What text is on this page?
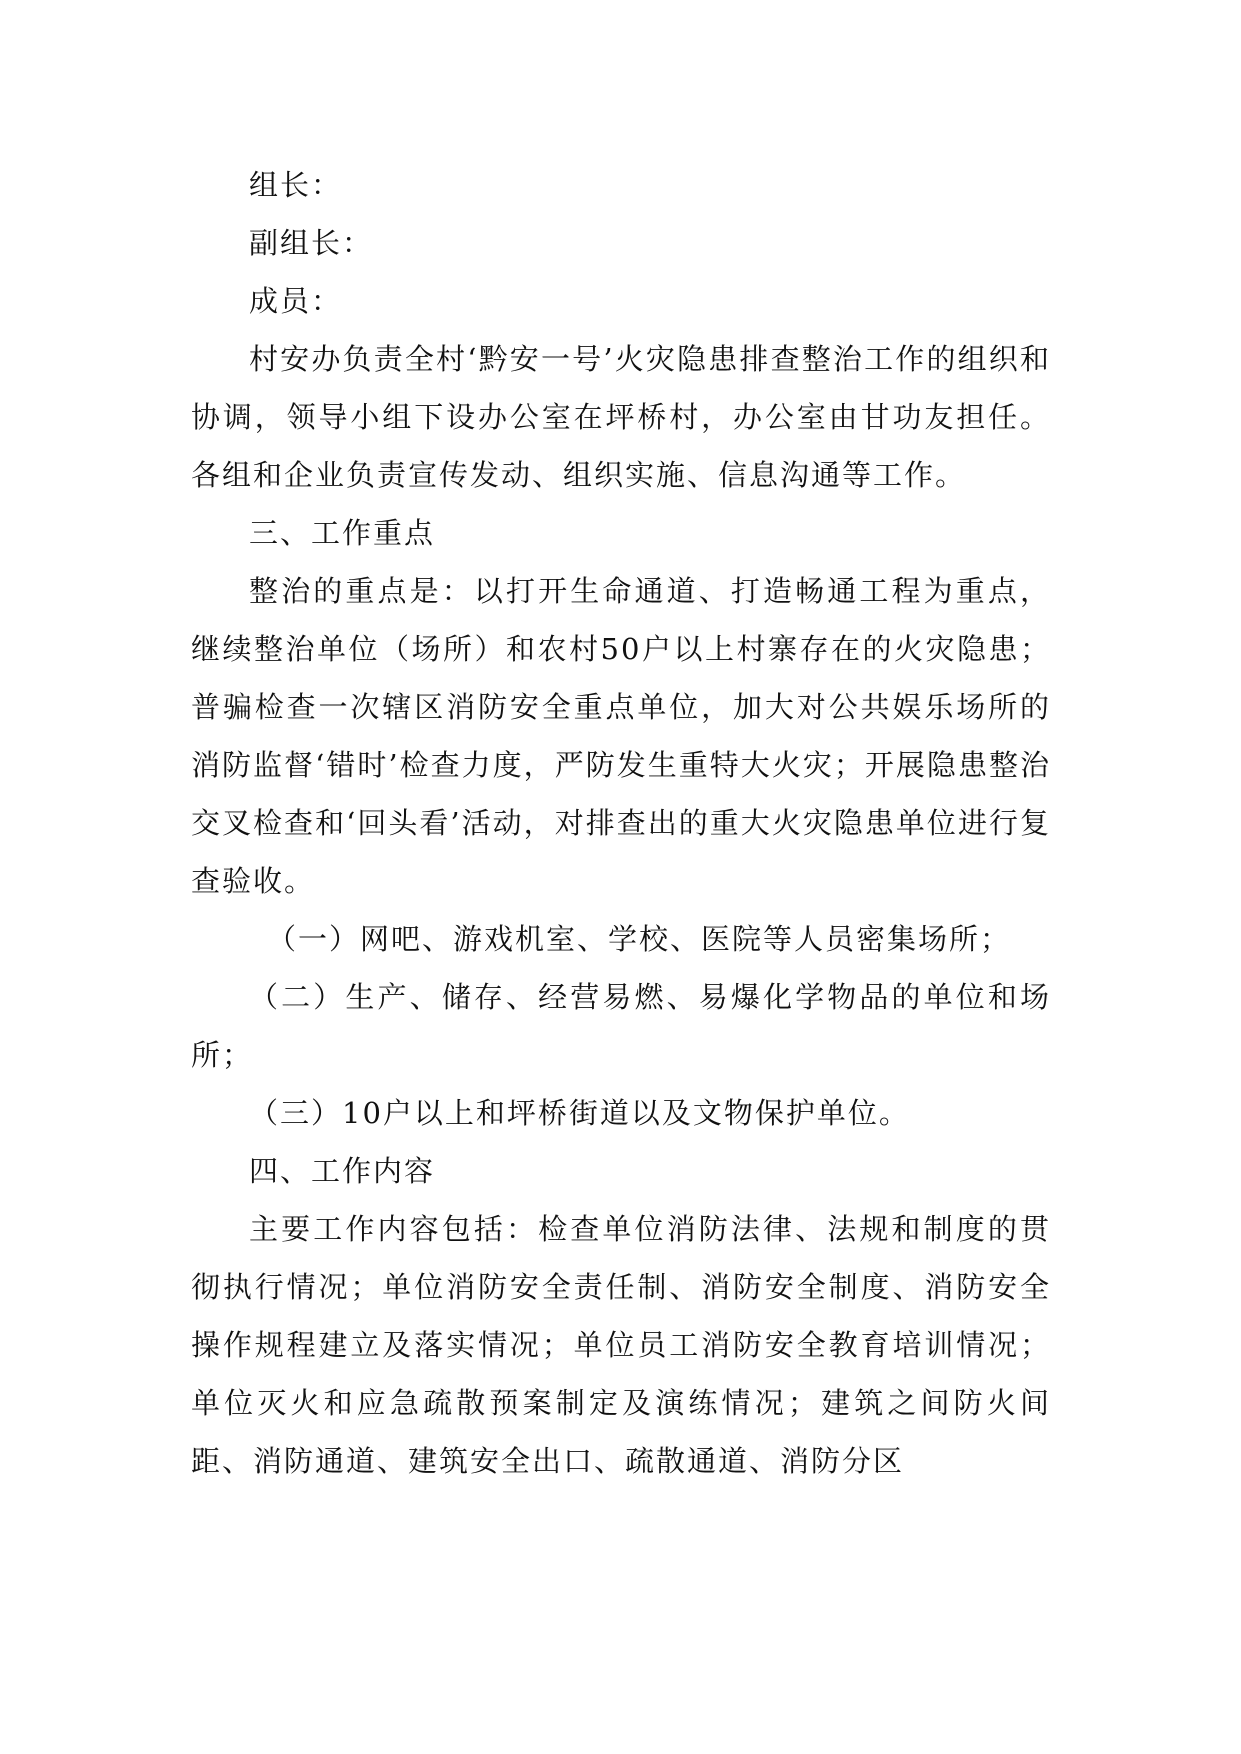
组长：

副组长：

成员：

村安办负责全村‘黔安一号’火灾隐患排查整治工作的组织和协调，领导小组下设办公室在坪桥村，办公室由甘功友担任。各组和企业负责宣传发动、组织实施、信息沟通等工作。

三、工作重点

整治的重点是：以打开生命通道、打造畅通工程为重点，继续整治单位（场所）和农村50户以上村寨存在的火灾隐患；普骗检查一次辖区消防安全重点单位，加大对公共娱乐场所的消防监督‘错时’检查力度，严防发生重特大火灾；开展隐患整治交叉检查和‘回头看’活动，对排查出的重大火灾隐患单位进行复查验收。

（一）网吧、游戏机室、学校、医院等人员密集场所；

（二）生产、储存、经营易燃、易爆化学物品的单位和场所；

（三）10户以上和坪桥街道以及文物保护单位。

四、工作内容

主要工作内容包括：检查单位消防法律、法规和制度的贯彻执行情况；单位消防安全责任制、消防安全制度、消防安全操作规程建立及落实情况；单位员工消防安全教育培训情况；单位灭火和应急疏散预案制定及演练情况；建筑之间防火间距、消防通道、建筑安全出口、疏散通道、消防分区
